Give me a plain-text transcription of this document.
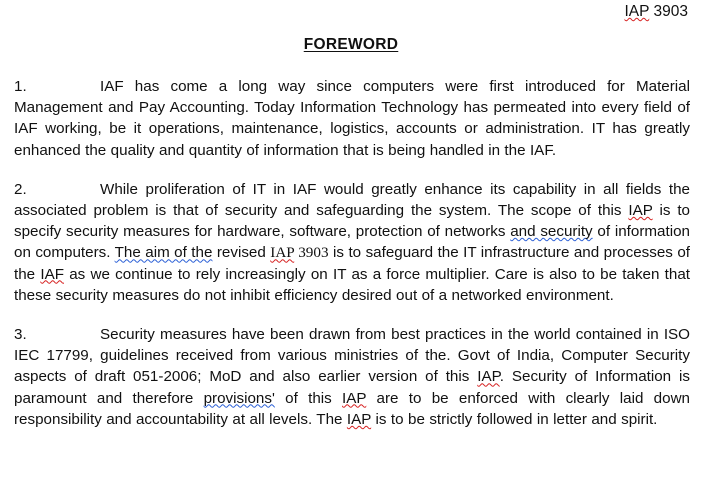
IAP 3903
FOREWORD

1.	IAF has come a long way since computers were first introduced for Material Management and Pay Accounting. Today Information Technology has permeated into every field of IAF working, be it operations, maintenance, logistics, accounts or administration. IT has greatly enhanced the quality and quantity of information that is being handled in the IAF.

2.	While proliferation of IT in IAF would greatly enhance its capability in all fields the associated problem is that of security and safeguarding the system. The scope of this IAP is to specify security measures for hardware, software, protection of networks and security of information on computers. The aim of the revised IAP 3903 is to safeguard the IT infrastructure and processes of the IAF as we continue to rely increasingly on IT as a force multiplier. Care is also to be taken that these security measures do not inhibit efficiency desired out of a networked environment.

3.	Security measures have been drawn from best practices in the world contained in ISO IEC 17799, guidelines received from various ministries of the. Govt of India, Computer Security aspects of draft 051-2006; MoD and also earlier version of this IAP. Security of Information is paramount and therefore provisions' of this IAP are to be enforced with clearly laid down responsibility and accountability at all levels. The IAP is to be strictly followed in letter and spirit.
